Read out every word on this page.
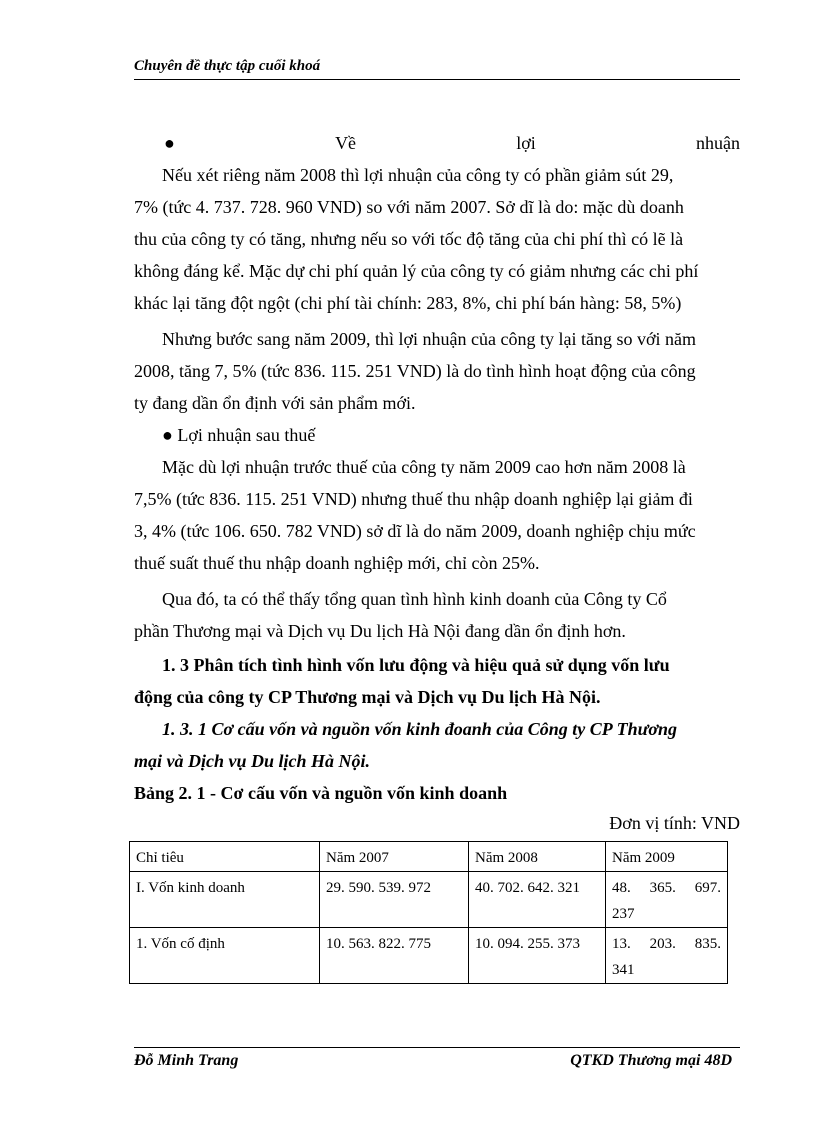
Chuyên đề thực tập cuối khoá
●	Về	lợi	nhuận
Nếu xét riêng năm 2008 thì lợi nhuận của công ty có phần giảm sút 29,
7% (tức 4. 737. 728. 960 VND) so với năm 2007. Sở dĩ là do: mặc dù doanh
thu của công ty có tăng, nhưng nếu so với tốc độ tăng của chi phí thì có lẽ là
không đáng kể. Mặc dự chi phí quản lý của công ty có giảm nhưng các chi phí
khác lại tăng đột ngột (chi phí tài chính: 283, 8%, chi phí bán hàng: 58, 5%)
Nhưng bước sang năm 2009, thì lợi nhuận của công ty lại tăng so với năm
2008, tăng 7, 5% (tức 836. 115. 251 VND) là do tình hình hoạt động của công
ty đang dần ổn định với sản phẩm mới.
● Lợi nhuận sau thuế
Mặc dù lợi nhuận trước thuế của công ty năm 2009 cao hơn năm 2008 là
7,5% (tức 836. 115. 251 VND) nhưng thuế thu nhập doanh nghiệp lại giảm đi
3, 4% (tức 106. 650. 782 VND) sở dĩ là do năm 2009, doanh nghiệp chịu mức
thuế suất thuế thu nhập doanh nghiệp mới, chỉ còn 25%.
Qua đó, ta có thể thấy tổng quan tình hình kinh doanh của Công ty Cổ
phần Thương mại và Dịch vụ Du lịch Hà Nội đang dần ổn định hơn.
1. 3 Phân tích tình hình vốn lưu động và hiệu quả sử dụng vốn lưu
động của công ty CP Thương mại và Dịch vụ Du lịch Hà Nội.
1. 3. 1 Cơ cấu vốn và nguồn vốn kinh đoanh của Công ty CP Thương
mại và Dịch vụ Du lịch Hà Nội.
Bảng 2. 1 - Cơ cấu vốn và nguồn vốn kinh doanh
Đơn vị tính: VND
Chỉ tiêu	Năm 2007	Năm 2008	Năm 2009
I. Vốn kinh doanh	29. 590. 539. 972	40. 702. 642. 321	48. 365. 697.
237

1. Vốn cố định	10. 563. 822. 775	10. 094. 255. 373	13. 203. 835.
341
Đỗ Minh Trang	QTKD Thương mại 48D
